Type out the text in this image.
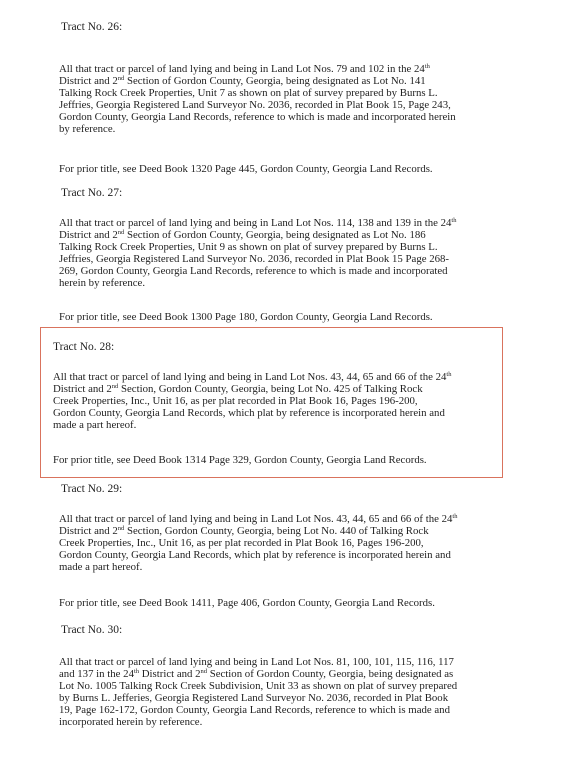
Tract No. 26:
All that tract or parcel of land lying and being in Land Lot Nos. 79 and 102 in the 24th
District and 2nd Section of Gordon County, Georgia, being designated as Lot No. 141
Talking Rock Creek Properties, Unit 7 as shown on plat of survey prepared by Burns L.
Jeffries, Georgia Registered Land Surveyor No. 2036, recorded in Plat Book 15, Page 243,
Gordon County, Georgia Land Records, reference to which is made and incorporated herein
by reference.
For prior title, see Deed Book 1320 Page 445, Gordon County, Georgia Land Records.
Tract No. 27:
All that tract or parcel of land lying and being in Land Lot Nos. 114, 138 and 139 in the 24th
District and 2nd Section of Gordon County, Georgia, being designated as Lot No. 186
Talking Rock Creek Properties, Unit 9 as shown on plat of survey prepared by Burns L.
Jeffries, Georgia Registered Land Surveyor No. 2036, recorded in Plat Book 15 Page 268-
269, Gordon County, Georgia Land Records, reference to which is made and incorporated
herein by reference.
For prior title, see Deed Book 1300 Page 180, Gordon County, Georgia Land Records.
Tract No. 28:
All that tract or parcel of land lying and being in Land Lot Nos. 43, 44, 65 and 66 of the 24th
District and 2nd Section, Gordon County, Georgia, being Lot No. 425 of Talking Rock
Creek Properties, Inc., Unit 16, as per plat recorded in Plat Book 16, Pages 196-200,
Gordon County, Georgia Land Records, which plat by reference is incorporated herein and
made a part hereof.
For prior title, see Deed Book 1314 Page 329, Gordon County, Georgia Land Records.
Tract No. 29:
All that tract or parcel of land lying and being in Land Lot Nos. 43, 44, 65 and 66 of the 24th
District and 2nd Section, Gordon County, Georgia, being Lot No. 440 of Talking Rock
Creek Properties, Inc., Unit 16, as per plat recorded in Plat Book 16, Pages 196-200,
Gordon County, Georgia Land Records, which plat by reference is incorporated herein and
made a part hereof.
For prior title, see Deed Book 1411, Page 406, Gordon County, Georgia Land Records.
Tract No. 30:
All that tract or parcel of land lying and being in Land Lot Nos. 81, 100, 101, 115, 116, 117
and 137 in the 24th District and 2nd Section of Gordon County, Georgia, being designated as
Lot No. 1005 Talking Rock Creek Subdivision, Unit 33 as shown on plat of survey prepared
by Burns L. Jefferies, Georgia Registered Land Surveyor No. 2036, recorded in Plat Book
19, Page 162-172, Gordon County, Georgia Land Records, reference to which is made and
incorporated herein by reference.
